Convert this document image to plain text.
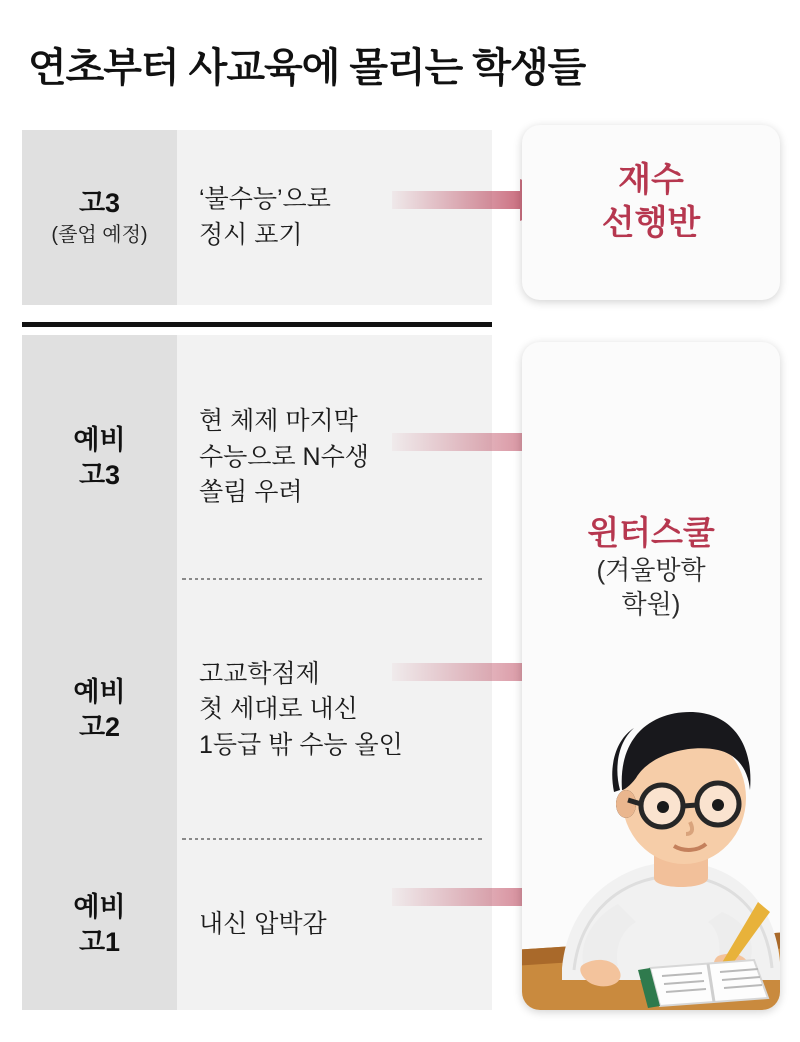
연초부터 사교육에 몰리는 학생들
고3
(졸업 예정)
‘불수능’으로
정시 포기
예비
고3
현 체제 마지막
수능으로 N수생
쏠림 우려
예비
고2
고교학점제
첫 세대로 내신
1등급 밖 수능 올인
예비
고1
내신 압박감
재수
선행반
윈터스쿨
(겨울방학
학원)
